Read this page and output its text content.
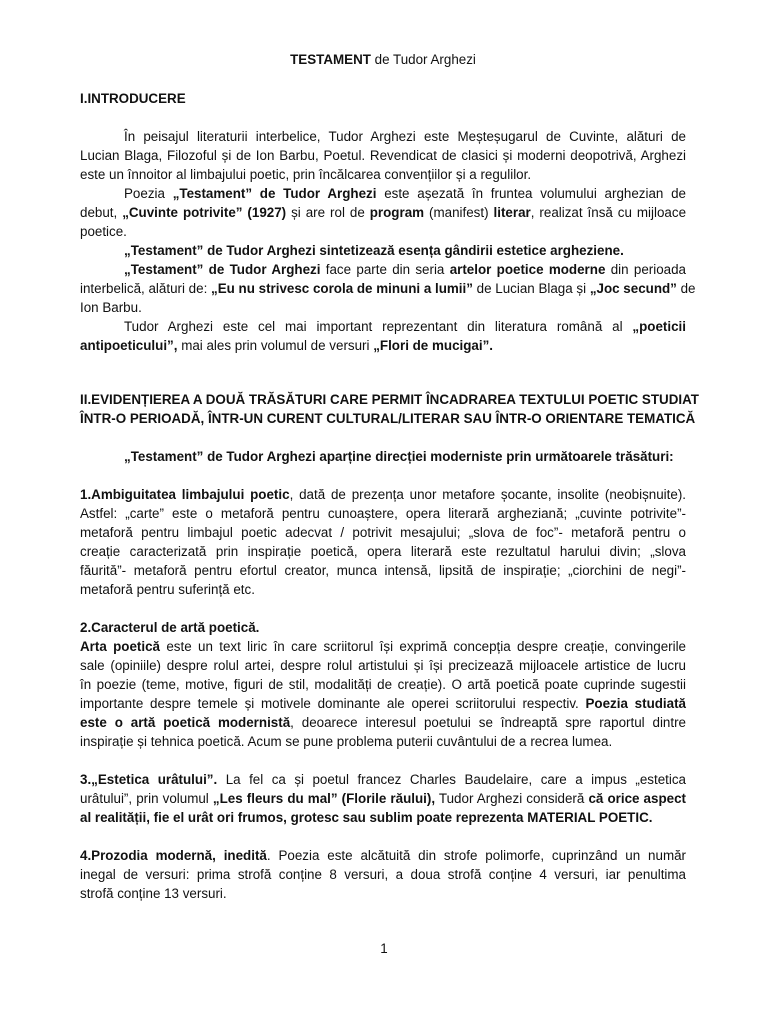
TESTAMENT de Tudor Arghezi
I.INTRODUCERE
În peisajul literaturii interbelice, Tudor Arghezi este Meșteșugarul de Cuvinte, alături de
Lucian Blaga, Filozoful și de Ion Barbu, Poetul. Revendicat de clasici și moderni deopotrivă, Arghezi
este un înnoitor al limbajului poetic, prin încălcarea convențiilor și a regulilor.
Poezia „Testament” de Tudor Arghezi este așezată în fruntea volumului arghezian de
debut, „Cuvinte potrivite” (1927) și are rol de program (manifest) literar, realizat însă cu mijloace
poetice.
„Testament” de Tudor Arghezi sintetizează esența gândirii estetice argheziene.
„Testament” de Tudor Arghezi face parte din seria artelor poetice moderne din perioada
interbelică, alături de: „Eu nu strivesc corola de minuni a lumii” de Lucian Blaga și „Joc secund” de
Ion Barbu.
Tudor Arghezi este cel mai important reprezentant din literatura română al „poeticii
antipoeticului”, mai ales prin volumul de versuri „Flori de mucigai”.
II.EVIDENȚIEREA A DOUĂ TRĂSĂTURI CARE PERMIT ÎNCADRAREA TEXTULUI POETIC STUDIAT
ÎNTR-O PERIOADĂ, ÎNTR-UN CURENT CULTURAL/LITERAR SAU ÎNTR-O ORIENTARE TEMATICĂ
„Testament” de Tudor Arghezi aparține direcției moderniste prin următoarele trăsături:
1.Ambiguitatea limbajului poetic, dată de prezența unor metafore șocante, insolite (neobișnuite).
Astfel: „carte” este o metaforă pentru cunoaștere, opera literară argheziană; „cuvinte potrivite”-
metaforă pentru limbajul poetic adecvat / potrivit mesajului; „slova de foc”- metaforă pentru o
creație caracterizată prin inspirație poetică, opera literară este rezultatul harului divin; „slova
făurită”- metaforă pentru efortul creator, munca intensă, lipsită de inspirație; „ciorchini de negi”-
metaforă pentru suferință etc.
2.Caracterul de artă poetică.
Arta poetică este un text liric în care scriitorul își exprimă concepția despre creație, convingerile
sale (opiniile) despre rolul artei, despre rolul artistului și își precizează mijloacele artistice de lucru
în poezie (teme, motive, figuri de stil, modalități de creație). O artă poetică poate cuprinde sugestii
importante despre temele și motivele dominante ale operei scriitorului respectiv. Poezia studiată
este o artă poetică modernistă, deoarece interesul poetului se îndreaptă spre raportul dintre
inspirație și tehnica poetică. Acum se pune problema puterii cuvântului de a recrea lumea.
3.„Estetica urâtului”. La fel ca și poetul francez Charles Baudelaire, care a impus „estetica
urâtului”, prin volumul „Les fleurs du mal” (Florile răului), Tudor Arghezi consideră că orice aspect
al realității, fie el urât ori frumos, grotesc sau sublim poate reprezenta MATERIAL POETIC.
4.Prozodia modernă, inedită. Poezia este alcătuită din strofe polimorfe, cuprinzând un număr
inegal de versuri: prima strofă conține 8 versuri, a doua strofă conține 4 versuri, iar penultima
strofă conține 13 versuri.
1
